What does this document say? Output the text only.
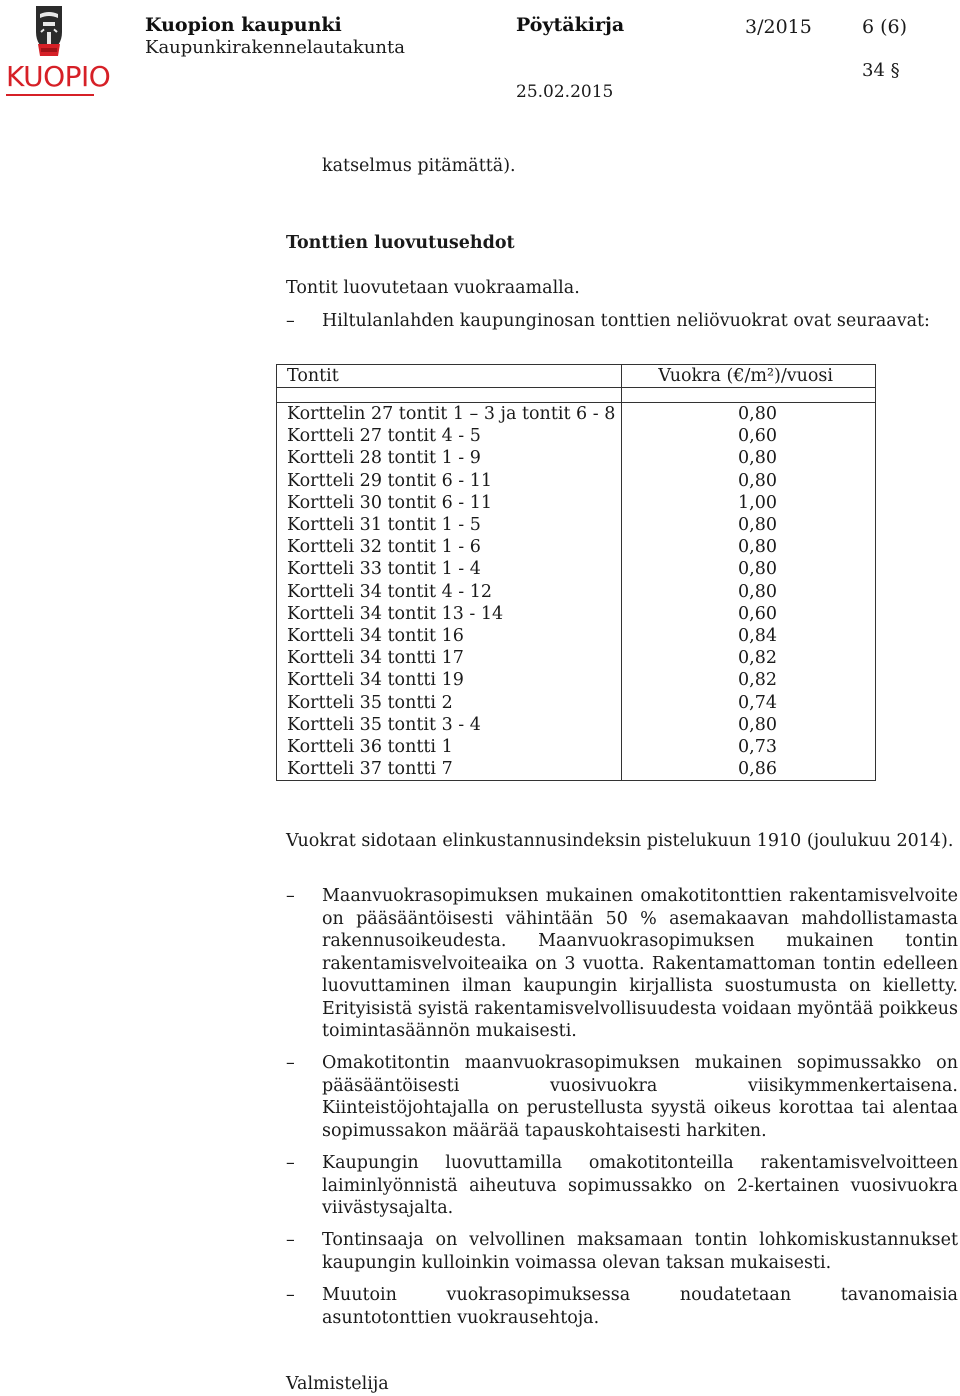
KUOPIO
Kuopion kaupunki
Kaupunkirakennelautakunta
Pöytäkirja	3/2015	6 (6)
34 §
25.02.2015
katselmus pitämättä).
Tonttien luovutusehdot
Tontit luovutetaan vuokraamalla.
– Hiltulanlahden kaupunginosan tonttien neliövuokrat ovat seuraavat:
Tontit	Vuokra (€/m²)/vuosi

Korttelin 27 tontit 1 – 3 ja tontit 6 - 8	0,80
Kortteli 27 tontit 4 - 5	0,60
Kortteli 28 tontit 1 - 9	0,80
Kortteli 29 tontit 6 - 11	0,80
Kortteli 30 tontit 6 - 11	1,00
Kortteli 31 tontit 1 - 5	0,80
Kortteli 32 tontit 1 - 6	0,80
Kortteli 33 tontit 1 - 4	0,80
Kortteli 34 tontit 4 - 12	0,80
Kortteli 34 tontit 13 - 14	0,60
Kortteli 34 tontit 16	0,84
Kortteli 34 tontti 17	0,82
Kortteli 34 tontti 19	0,82
Kortteli 35 tontti 2	0,74
Kortteli 35 tontit 3 - 4	0,80
Kortteli 36 tontti 1	0,73
Kortteli 37 tontti 7	0,86
Vuokrat sidotaan elinkustannusindeksin pistelukuun 1910 (joulukuu 2014).
–	Maanvuokrasopimuksen mukainen omakotitonttien rakentamisvelvoite on pääsääntöisesti vähintään 50 % asemakaavan mahdollistamasta rakennusoikeudesta. Maanvuokrasopimuksen mukainen tontin rakentamisvelvoiteaika on 3 vuotta. Rakentamattoman tontin edelleen luovuttaminen ilman kaupungin kirjallista suostumusta on kielletty. Erityisistä syistä rakentamisvelvollisuudesta voidaan myöntää poikkeus toimintasäännön mukaisesti.
–	Omakotitontin maanvuokrasopimuksen mukainen sopimussakko on pääsääntöisesti vuosivuokra viisikymmenkertaisena. Kiinteistöjohtajalla on perustellusta syystä oikeus korottaa tai alentaa sopimussakon määrää tapauskohtaisesti harkiten.
–	Kaupungin luovuttamilla omakotitonteilla rakentamisvelvoitteen laiminlyönnistä aiheutuva sopimussakko on 2-kertainen vuosivuokra viivästysajalta.
–	Tontinsaaja on velvollinen maksamaan tontin lohkomiskustannukset kaupungin kulloinkin voimassa olevan taksan mukaisesti.
–	Muutoin vuokrasopimuksessa noudatetaan tavanomaisia asuntotonttien vuokrausehtoja.
Valmistelija
